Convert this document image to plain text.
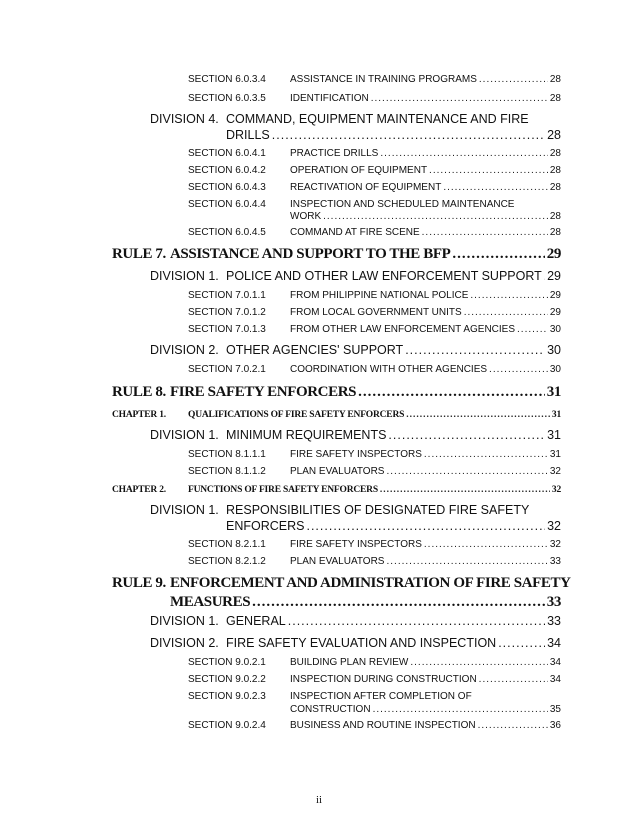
SECTION 6.0.3.4	ASSISTANCE IN TRAINING PROGRAMS .....	28
SECTION 6.0.3.5	IDENTIFICATION .....	28
DIVISION 4. COMMAND, EQUIPMENT MAINTENANCE AND FIRE
DRILLS .....	28
SECTION 6.0.4.1	PRACTICE DRILLS .....	28
SECTION 6.0.4.2	OPERATION OF EQUIPMENT .....	28
SECTION 6.0.4.3	REACTIVATION OF EQUIPMENT .....	28
SECTION 6.0.4.4 INSPECTION AND SCHEDULED MAINTENANCE
WORK .....	28
SECTION 6.0.4.5	COMMAND AT FIRE SCENE .....	28
RULE 7. ASSISTANCE AND SUPPORT TO THE BFP .....	29
DIVISION 1. POLICE AND OTHER LAW ENFORCEMENT SUPPORT ..... 29
SECTION 7.0.1.1	FROM PHILIPPINE NATIONAL POLICE .....	29
SECTION 7.0.1.2	FROM LOCAL GOVERNMENT UNITS .....	29
SECTION 7.0.1.3	FROM OTHER LAW ENFORCEMENT AGENCIES .....	30
DIVISION 2. OTHER AGENCIES' SUPPORT .....	30
SECTION 7.0.2.1	COORDINATION WITH OTHER AGENCIES .....	30
RULE 8. FIRE SAFETY ENFORCERS .....	31
CHAPTER 1.	QUALIFICATIONS OF FIRE SAFETY ENFORCERS .....	31
DIVISION 1. MINIMUM REQUIREMENTS .....	31
SECTION 8.1.1.1	FIRE SAFETY INSPECTORS .....	31
SECTION 8.1.1.2	PLAN EVALUATORS .....	32
CHAPTER 2.	FUNCTIONS OF FIRE SAFETY ENFORCERS .....	32
DIVISION 1. RESPONSIBILITIES OF DESIGNATED FIRE SAFETY
ENFORCERS .....	32
SECTION 8.2.1.1	FIRE SAFETY INSPECTORS .....	32
SECTION 8.2.1.2	PLAN EVALUATORS .....	33
RULE 9. ENFORCEMENT AND ADMINISTRATION OF FIRE SAFETY
MEASURES .....	33
DIVISION 1. GENERAL .....	33
DIVISION 2. FIRE SAFETY EVALUATION AND INSPECTION .....	34
SECTION 9.0.2.1	BUILDING PLAN REVIEW .....	34
SECTION 9.0.2.2	INSPECTION DURING CONSTRUCTION .....	34
SECTION 9.0.2.3 INSPECTION AFTER COMPLETION OF
CONSTRUCTION .....	35
SECTION 9.0.2.4	BUSINESS AND ROUTINE INSPECTION .....	36
ii
